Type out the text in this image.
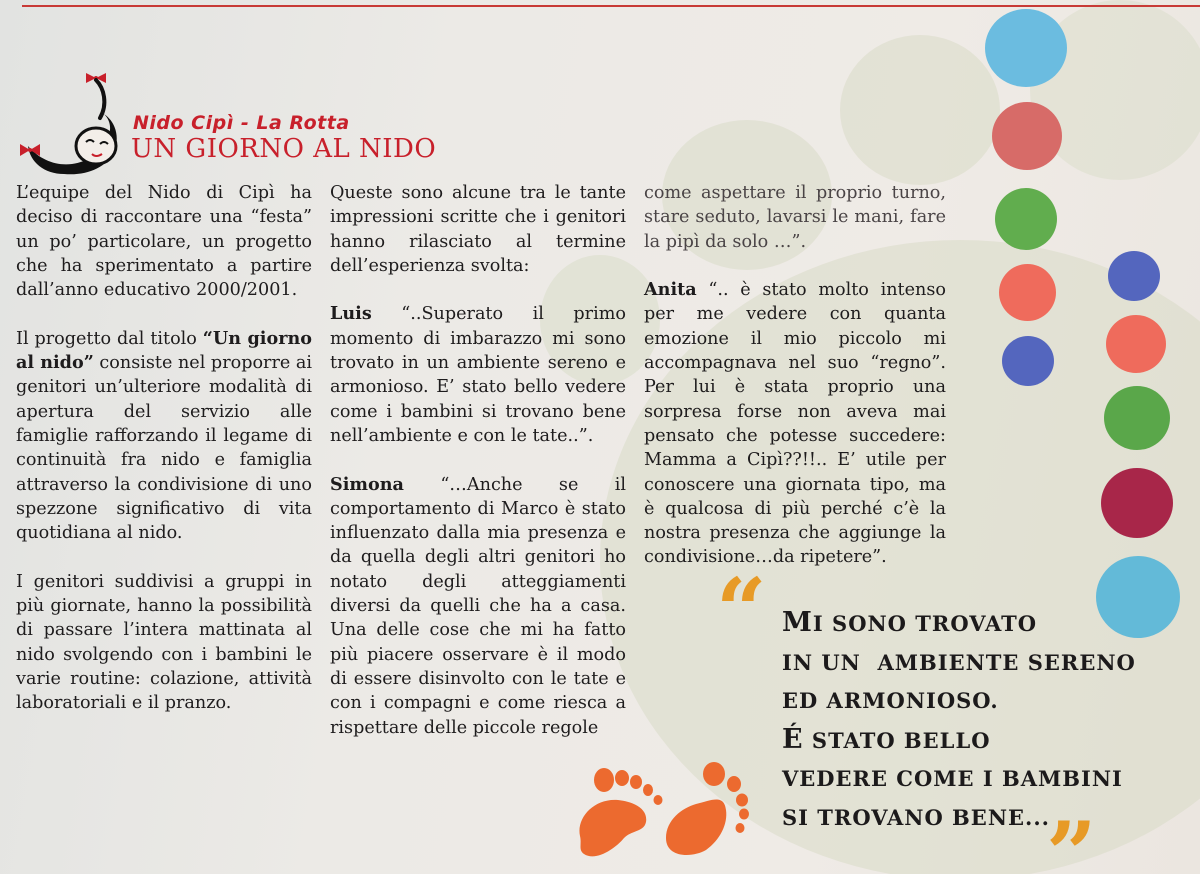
Nido Cipì - La Rotta
UN GIORNO AL NIDO

L’equipe del Nido di Cipì ha deciso di raccontare una “festa” un po’ particolare, un progetto che ha sperimentato a partire dall’anno educativo 2000/2001.

Il progetto dal titolo “Un giorno al nido” consiste nel proporre ai genitori un’ulteriore modalità di apertura del servizio alle famiglie rafforzando il legame di continuità fra nido e famiglia attraverso la condivisione di uno spezzone significativo di vita quotidiana al nido.

I genitori suddivisi a gruppi in più giornate, hanno la possibilità di passare l’intera mattinata al nido svolgendo con i bambini le varie routine: colazione, attività laboratoriali e il pranzo.

Queste sono alcune tra le tante impressioni scritte che i genitori hanno rilasciato al termine dell’esperienza svolta:

Luis “..Superato il primo momento di imbarazzo mi sono trovato in un ambiente sereno e armonioso. E’ stato bello vedere come i bambini si trovano bene nell’ambiente e con le tate..”.

Simona “…Anche se il comportamento di Marco è stato influenzato dalla mia presenza e da quella degli altri genitori ho notato degli atteggiamenti diversi da quelli che ha a casa. Una delle cose che mi ha fatto più piacere osservare è il modo di essere disinvolto con le tate e con i compagni e come riesca a rispettare delle piccole regole

come aspettare il proprio turno, stare seduto, lavarsi le mani, fare la pipì da solo …”.

Anita “.. è stato molto intenso per me vedere con quanta emozione il mio piccolo mi accompagnava nel suo “regno”. Per lui è stata proprio una sorpresa forse non aveva mai pensato che potesse succedere: Mamma a Cipì??!!.. E’ utile per conoscere una giornata tipo, ma è qualcosa di più perché c’è la nostra presenza che aggiunge la condivisione…da ripetere”.

“ MI SONO TROVATO
IN UN  AMBIENTE SERENO
ED ARMONIOSO.
É STATO BELLO
VEDERE COME I BAMBINI
SI TROVANO BENE...
”
